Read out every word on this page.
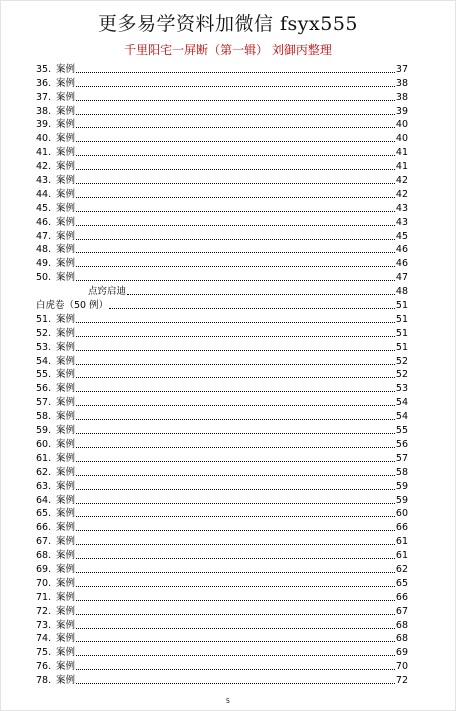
更多易学资料加微信 fsyx555
千里阳宅一屏断（第一辑） 刘御丙整理
35. 案例	37
36. 案例	38
37. 案例	38
38. 案例	39
39. 案例	40
40. 案例	40
41. 案例	41
42. 案例	41
43. 案例	42
44. 案例	42
45. 案例	43
46. 案例	43
47. 案例	45
48. 案例	46
49. 案例	46
50. 案例	47
点窍启迪	48
白虎卷（50 例）	51
51. 案例	51
52. 案例	51
53. 案例	51
54. 案例	52
55. 案例	52
56. 案例	53
57. 案例	54
58. 案例	54
59. 案例	55
60. 案例	56
61. 案例	57
62. 案例	58
63. 案例	59
64. 案例	59
65. 案例	60
66. 案例	66
67. 案例	61
68. 案例	61
69. 案例	62
70. 案例	65
71. 案例	66
72. 案例	67
73. 案例	68
74. 案例	68
75. 案例	69
76. 案例	70
78. 案例	72
5
